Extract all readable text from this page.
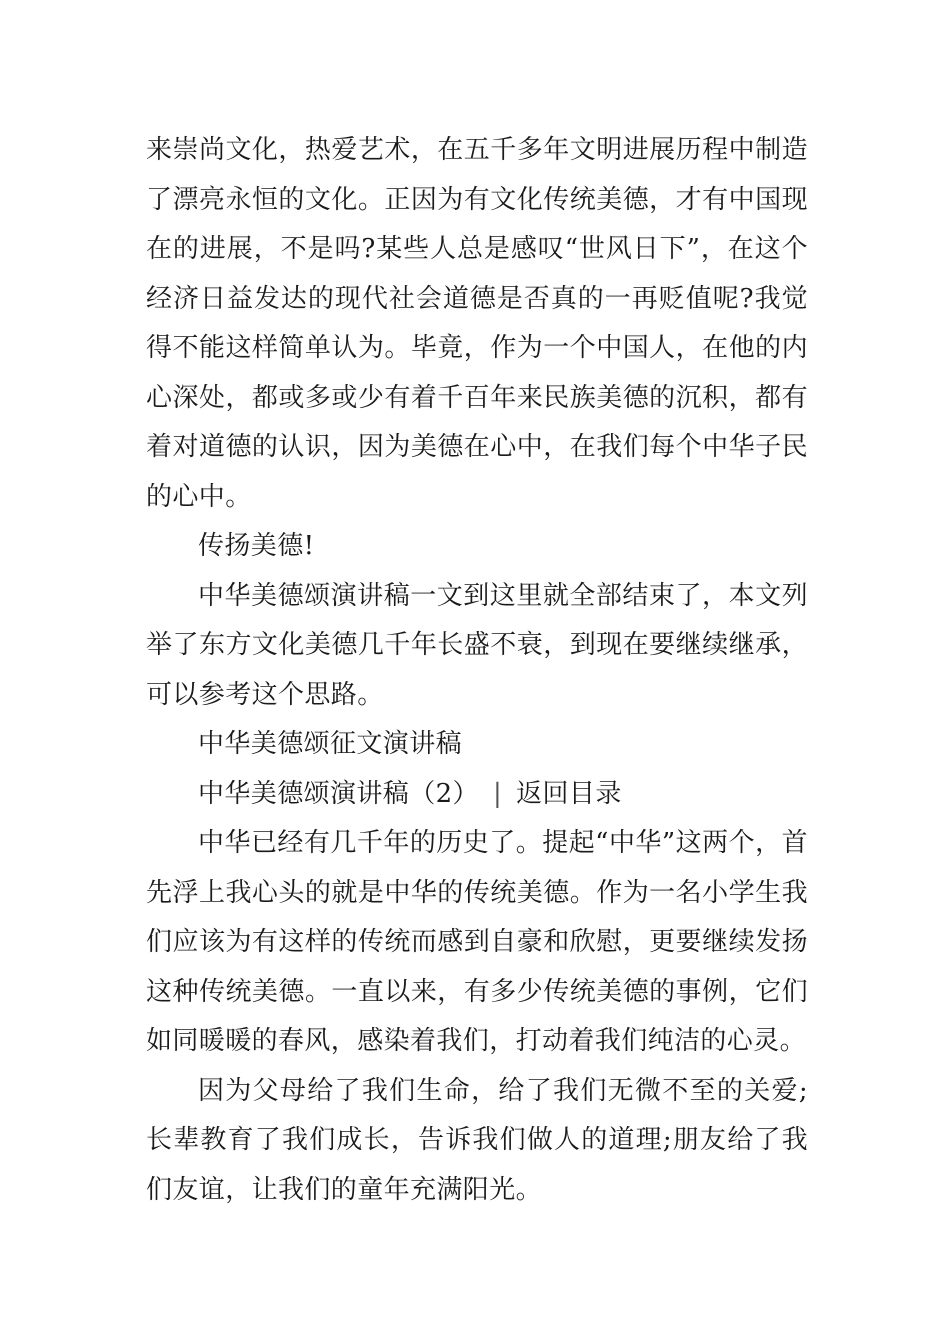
来崇尚文化，热爱艺术，在五千多年文明进展历程中制造了漂亮永恒的文化。正因为有文化传统美德，才有中国现在的进展，不是吗?某些人总是感叹“世风日下”，在这个经济日益发达的现代社会道德是否真的一再贬值呢?我觉得不能这样简单认为。毕竟，作为一个中国人，在他的内心深处，都或多或少有着千百年来民族美德的沉积，都有着对道德的认识，因为美德在心中，在我们每个中华子民的心中。

传扬美德!

中华美德颂演讲稿一文到这里就全部结束了，本文列举了东方文化美德几千年长盛不衰，到现在要继续继承，可以参考这个思路。

中华美德颂征文演讲稿

中华美德颂演讲稿（2） | 返回目录

中华已经有几千年的历史了。提起“中华”这两个，首先浮上我心头的就是中华的传统美德。作为一名小学生我们应该为有这样的传统而感到自豪和欣慰，更要继续发扬这种传统美德。一直以来，有多少传统美德的事例，它们如同暖暖的春风，感染着我们，打动着我们纯洁的心灵。

因为父母给了我们生命，给了我们无微不至的关爱;长辈教育了我们成长，告诉我们做人的道理;朋友给了我们友谊，让我们的童年充满阳光。
